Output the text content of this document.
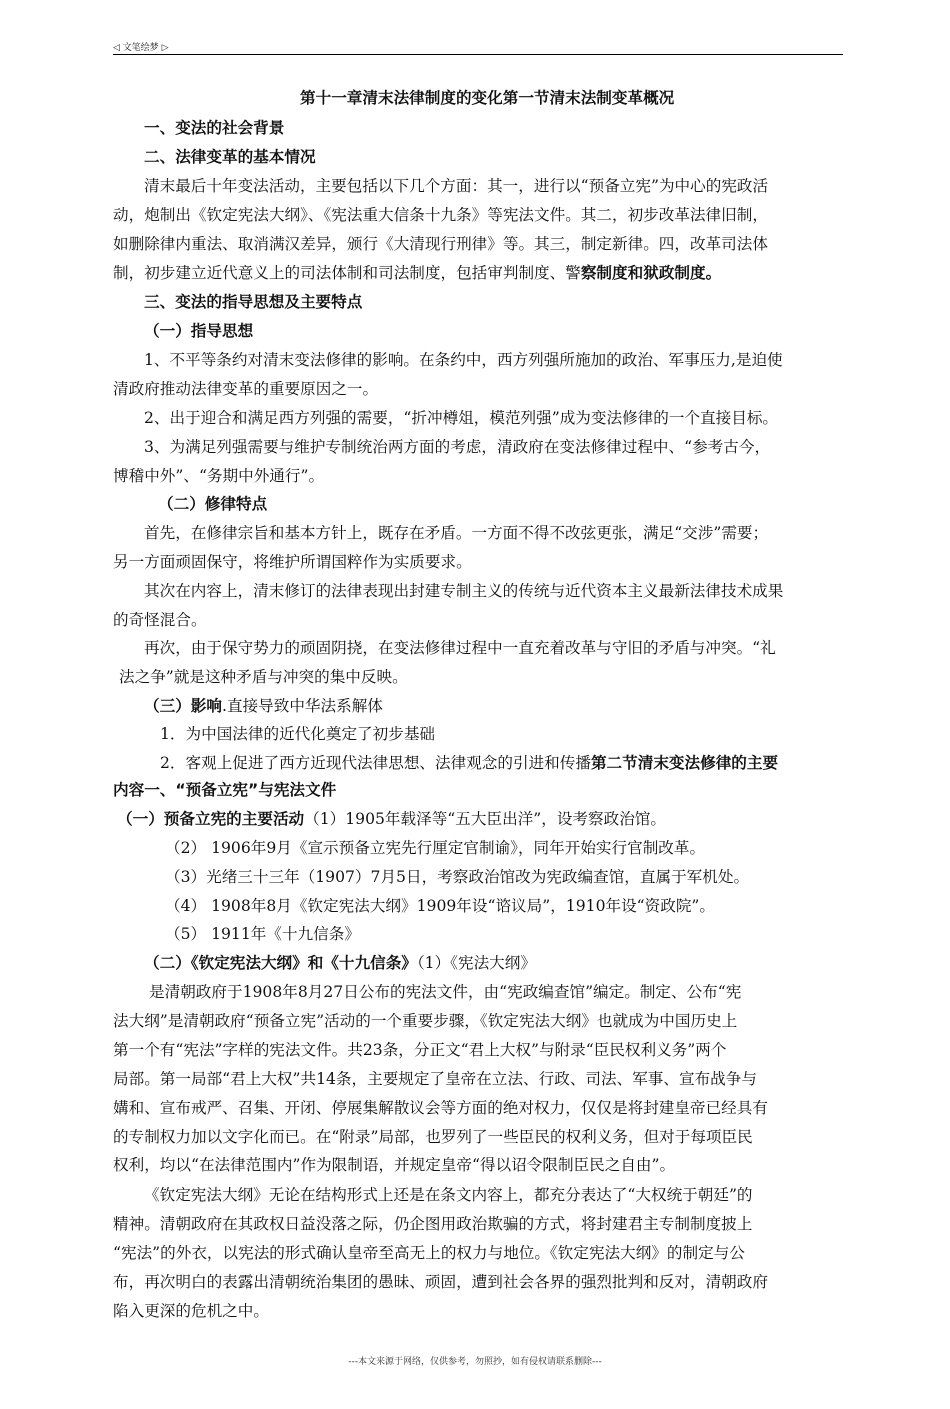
◁ 文笔绘梦 ▷
第十一章清末法律制度的变化第一节清末法制变革概况
一、变法的社会背景
二、法律变革的基本情况
清末最后十年变法活动，主要包括以下几个方面：其一，进行以“预备立宪”为中心的宪政活
动，炮制出《钦定宪法大纲》、《宪法重大信条十九条》等宪法文件。其二，初步改革法律旧制，
如删除律内重法、取消满汉差异，颁行《大清现行刑律》等。其三，制定新律。四，改革司法体
制，初步建立近代意义上的司法体制和司法制度，包括审判制度、警察制度和狱政制度。
三、变法的指导思想及主要特点
（一）指导思想
1、不平等条约对清末变法修律的影响。在条约中，西方列强所施加的政治、军事压力,是迫使
清政府推动法律变革的重要原因之一。
2、出于迎合和满足西方列强的需要，“折冲樽俎，模范列强”成为变法修律的一个直接目标。
3、为满足列强需要与维护专制统治两方面的考虑，清政府在变法修律过程中、“参考古今，
博稽中外”、“务期中外通行”。
（二）修律特点
首先，在修律宗旨和基本方针上，既存在矛盾。一方面不得不改弦更张，满足“交涉”需要；
另一方面顽固保守，将维护所谓国粹作为实质要求。
其次在内容上，清末修订的法律表现出封建专制主义的传统与近代资本主义最新法律技术成果
的奇怪混合。
再次，由于保守势力的顽固阴挠，在变法修律过程中一直充着改革与守旧的矛盾与冲突。“礼
法之争”就是这种矛盾与冲突的集中反映。
（三）影响.直接导致中华法系解体
1．为中国法律的近代化奠定了初步基础
2．客观上促进了西方近现代法律思想、法律观念的引进和传播第二节清末变法修律的主要
内容一、“预备立宪”与宪法文件
（一）预备立宪的主要活动（1）1905年载泽等“五大臣出洋”，设考察政治馆。
（2） 1906年9月《宣示预备立宪先行厘定官制谕》，同年开始实行官制改革。
（3）光绪三十三年（1907）7月5日，考察政治馆改为宪政编查馆，直属于军机处。
（4） 1908年8月《钦定宪法大纲》1909年设“谘议局”，1910年设“资政院”。
（5） 1911年《十九信条》
（二）《钦定宪法大纲》和《十九信条》（1）《宪法大纲》
是清朝政府于1908年8月27日公布的宪法文件，由“宪政编查馆”编定。制定、公布“宪
法大纲”是清朝政府“预备立宪”活动的一个重要步骤，《钦定宪法大纲》也就成为中国历史上
第一个有“宪法”字样的宪法文件。共23条，分正文“君上大权”与附录“臣民权利义务”两个
局部。第一局部“君上大权”共14条，主要规定了皇帝在立法、行政、司法、军事、宣布战争与
媾和、宣布戒严、召集、开闭、停展集解散议会等方面的绝对权力，仅仅是将封建皇帝已经具有
的专制权力加以文字化而已。在“附录”局部，也罗列了一些臣民的权利义务，但对于每项臣民
权利，均以“在法律范围内”作为限制语，并规定皇帝“得以诏令限制臣民之自由”。
《钦定宪法大纲》无论在结构形式上还是在条文内容上，都充分表达了“大权统于朝廷”的
精神。清朝政府在其政权日益没落之际，仍企图用政治欺骗的方式，将封建君主专制制度披上
“宪法”的外衣，以宪法的形式确认皇帝至高无上的权力与地位。《钦定宪法大纲》的制定与公
布，再次明白的表露出清朝统治集团的愚昧、顽固，遭到社会各界的强烈批判和反对，清朝政府
陷入更深的危机之中。
---本文来源于网络，仅供参考，勿照抄，如有侵权请联系删除---
